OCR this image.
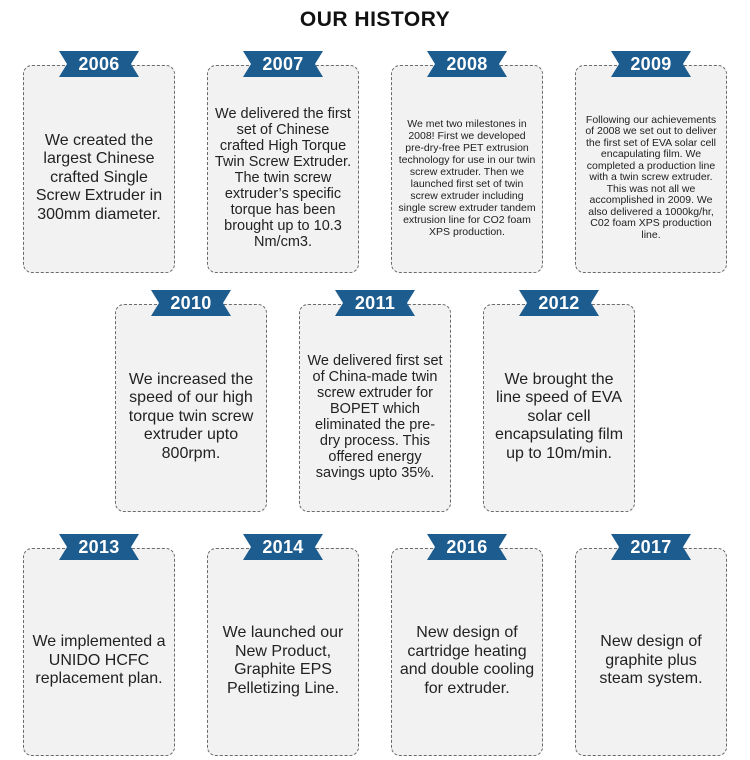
OUR HISTORY
2006
We created the largest Chinese crafted Single Screw Extruder in 300mm diameter.
2007
We delivered the first set of Chinese crafted High Torque Twin Screw Extruder. The twin screw extruder’s specific torque has been brought up to 10.3 Nm/cm3.
2008
We met two milestones in 2008! First we developed pre-dry-free PET extrusion technology for use in our twin screw extruder. Then we launched first set of twin screw extruder including single screw extruder tandem extrusion line for CO2 foam XPS production.
2009
Following our achievements of 2008 we set out to deliver the first set of EVA solar cell encapulating film. We completed a production line with a twin screw extruder. This was not all we accomplished in 2009. We also delivered a 1000kg/hr, C02 foam XPS production line.
2010
We increased the speed of our high torque twin screw extruder upto 800rpm.
2011
We delivered first set of China-made twin screw extruder for BOPET which eliminated the pre-dry process. This offered energy savings upto 35%.
2012
We brought the line speed of EVA solar cell encapsulating film up to 10m/min.
2013
We implemented a UNIDO HCFC replacement plan.
2014
We launched our New Product, Graphite EPS Pelletizing Line.
2016
New design of cartridge heating and double cooling for extruder.
2017
New design of graphite plus steam system.
